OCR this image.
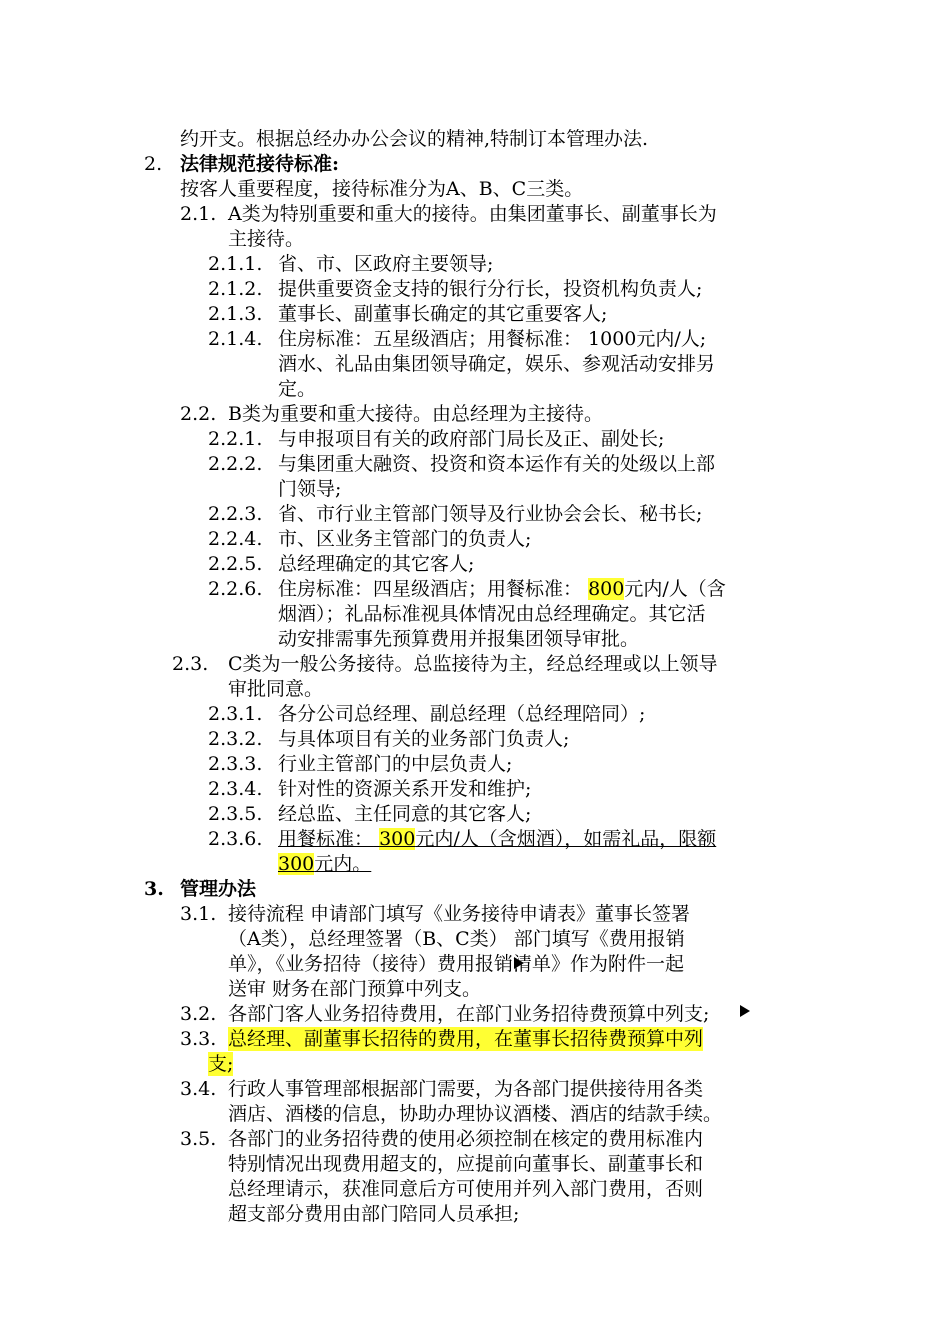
约开支。根据总经办办公会议的精神,特制订本管理办法.
2. 法律规范接待标准:
按客人重要程度，接待标准分为A、B、C三类。
2.1. A类为特别重要和重大的接待。由集团董事长、副董事长为
主接待。
2.1.1. 省、市、区政府主要领导;
2.1.2. 提供重要资金支持的银行分行长，投资机构负责人;
2.1.3. 董事长、副董事长确定的其它重要客人;
2.1.4. 住房标准：五星级酒店；用餐标准： 1000元内/人;
酒水、礼品由集团领导确定，娱乐、参观活动安排另
定。
2.2. B类为重要和重大接待。由总经理为主接待。
2.2.1. 与申报项目有关的政府部门局长及正、副处长;
2.2.2. 与集团重大融资、投资和资本运作有关的处级以上部
门领导;
2.2.3. 省、市行业主管部门领导及行业协会会长、秘书长;
2.2.4. 市、区业务主管部门的负责人;
2.2.5. 总经理确定的其它客人;
2.2.6. 住房标准：四星级酒店；用餐标准： 800元内/人（含
烟酒）；礼品标准视具体情况由总经理确定。其它活
动安排需事先预算费用并报集团领导审批。
2.3. C类为一般公务接待。总监接待为主，经总经理或以上领导
审批同意。
2.3.1. 各分公司总经理、副总经理（总经理陪同）;
2.3.2. 与具体项目有关的业务部门负责人;
2.3.3. 行业主管部门的中层负责人;
2.3.4. 针对性的资源关系开发和维护;
2.3.5. 经总监、主任同意的其它客人;
2.3.6. 用餐标准： 300元内/人（含烟酒），如需礼品，限额
300元内。
3. 管理办法
3.1. 接待流程 申请部门填写《业务接待申请表》董事长签署
（A类），总经理签署（B、C类） 部门填写《费用报销
单》，《业务招待（接待）费用报销清单》作为附件一起
送审 财务在部门预算中列支。
3.2. 各部门客人业务招待费用，在部门业务招待费预算中列支;
3.3. 总经理、副董事长招待的费用，在董事长招待费预算中列
支;
3.4. 行政人事管理部根据部门需要，为各部门提供接待用各类
酒店、酒楼的信息，协助办理协议酒楼、酒店的结款手续。
3.5. 各部门的业务招待费的使用必须控制在核定的费用标准内
特别情况出现费用超支的，应提前向董事长、副董事长和
总经理请示，获准同意后方可使用并列入部门费用，否则
超支部分费用由部门陪同人员承担;
